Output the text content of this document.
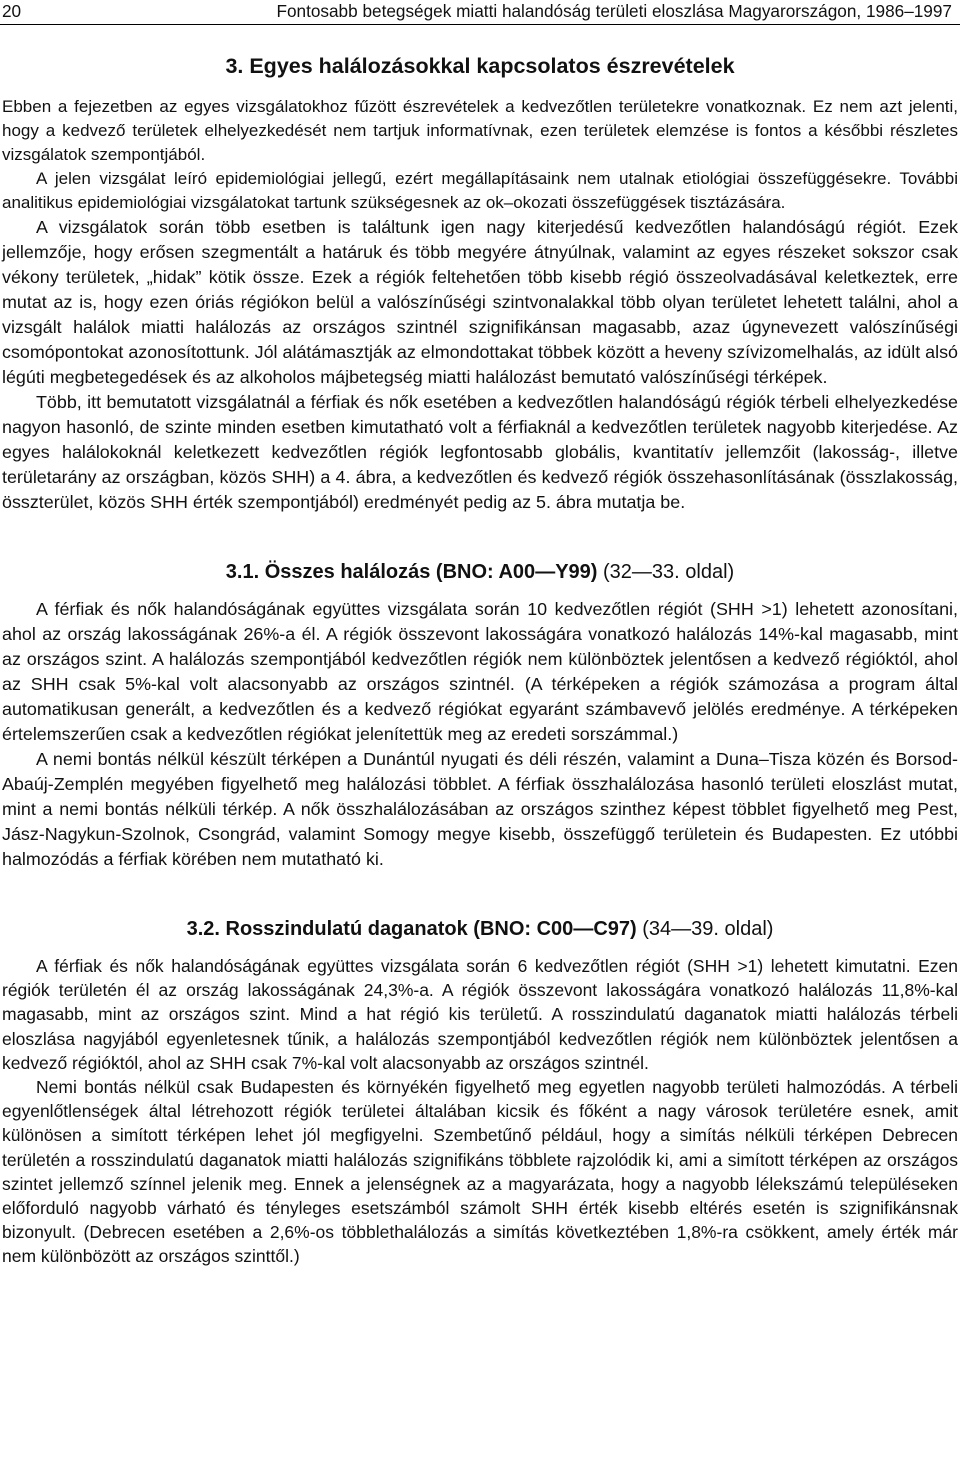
20	Fontosabb betegségek miatti halandóság területi eloszlása Magyarországon, 1986–1997
3. Egyes halálozásokkal kapcsolatos észrevételek

Ebben a fejezetben az egyes vizsgálatokhoz fűzött észrevételek a kedvezőtlen területekre vonatkoznak. Ez nem azt jelenti, hogy a kedvező területek elhelyezkedését nem tartjuk informatívnak, ezen területek elemzése is fontos a későbbi részletes vizsgálatok szempontjából.

A jelen vizsgálat leíró epidemiológiai jellegű, ezért megállapításaink nem utalnak etiológiai összefüggésekre. További analitikus epidemiológiai vizsgálatokat tartunk szükségesnek az ok–okozati összefüggések tisztázására.

A vizsgálatok során több esetben is találtunk igen nagy kiterjedésű kedvezőtlen halandóságú régiót. Ezek jellemzője, hogy erősen szegmentált a határuk és több megyére átnyúlnak, valamint az egyes részeket sokszor csak vékony területek, „hidak” kötik össze. Ezek a régiók feltehetően több kisebb régió összeolvadásával keletkeztek, erre mutat az is, hogy ezen óriás régiókon belül a valószínűségi szintvonalakkal több olyan területet lehetett találni, ahol a vizsgált halálok miatti halálozás az országos szintnél szignifikánsan magasabb, azaz úgynevezett valószínűségi csomópontokat azonosítottunk. Jól alátámasztják az elmondottakat többek között a heveny szívizomelhalás, az idült alsó légúti megbetegedések és az alkoholos májbetegség miatti halálozást bemutató valószínűségi térképek.

Több, itt bemutatott vizsgálatnál a férfiak és nők esetében a kedvezőtlen halandóságú régiók térbeli elhelyezkedése nagyon hasonló, de szinte minden esetben kimutatható volt a férfiaknál a kedvezőtlen területek nagyobb kiterjedése. Az egyes halálokoknál keletkezett kedvezőtlen régiók legfontosabb globális, kvantitatív jellemzőit (lakosság-, illetve területarány az országban, közös SHH) a 4. ábra, a kedvezőtlen és kedvező régiók összehasonlításának (összlakosság, összterület, közös SHH érték szempontjából) eredményét pedig az 5. ábra mutatja be.

3.1. Összes halálozás (BNO: A00—Y99) (32—33. oldal)

A férfiak és nők halandóságának együttes vizsgálata során 10 kedvezőtlen régiót (SHH >1) lehetett azonosítani, ahol az ország lakosságának 26%-a él. A régiók összevont lakosságára vonatkozó halálozás 14%-kal magasabb, mint az országos szint. A halálozás szempontjából kedvezőtlen régiók nem különböztek jelentősen a kedvező régióktól, ahol az SHH csak 5%-kal volt alacsonyabb az országos szintnél. (A térképeken a régiók számozása a program által automatikusan generált, a kedvezőtlen és a kedvező régiókat egyaránt számbavevő jelölés eredménye. A térképeken értelemszerűen csak a kedvezőtlen régiókat jelenítettük meg az eredeti sorszámmal.)

A nemi bontás nélkül készült térképen a Dunántúl nyugati és déli részén, valamint a Duna–Tisza közén és Borsod-Abaúj-Zemplén megyében figyelhető meg halálozási többlet. A férfiak összhalálozása hasonló területi eloszlást mutat, mint a nemi bontás nélküli térkép. A nők összhalálozásában az országos szinthez képest többlet figyelhető meg Pest, Jász-Nagykun-Szolnok, Csongrád, valamint Somogy megye kisebb, összefüggő területein és Budapesten. Ez utóbbi halmozódás a férfiak körében nem mutatható ki.

3.2. Rosszindulatú daganatok (BNO: C00—C97) (34—39. oldal)

A férfiak és nők halandóságának együttes vizsgálata során 6 kedvezőtlen régiót (SHH >1) lehetett kimutatni. Ezen régiók területén él az ország lakosságának 24,3%-a. A régiók összevont lakosságára vonatkozó halálozás 11,8%-kal magasabb, mint az országos szint. Mind a hat régió kis területű. A rosszindulatú daganatok miatti halálozás térbeli eloszlása nagyjából egyenletesnek tűnik, a halálozás szempontjából kedvezőtlen régiók nem különböztek jelentősen a kedvező régióktól, ahol az SHH csak 7%-kal volt alacsonyabb az országos szintnél.

Nemi bontás nélkül csak Budapesten és környékén figyelhető meg egyetlen nagyobb területi halmozódás. A térbeli egyenlőtlenségek által létrehozott régiók területei általában kicsik és főként a nagy városok területére esnek, amit különösen a simított térképen lehet jól megfigyelni. Szembetűnő például, hogy a simítás nélküli térképen Debrecen területén a rosszindulatú daganatok miatti halálozás szignifikáns többlete rajzolódik ki, ami a simított térképen az országos szintet jellemző színnel jelenik meg. Ennek a jelenségnek az a magyarázata, hogy a nagyobb lélekszámú településeken előforduló nagyobb várható és tényleges esetszámból számolt SHH érték kisebb eltérés esetén is szignifikánsnak bizonyult. (Debrecen esetében a 2,6%-os többlethalálozás a simítás következtében 1,8%-ra csökkent, amely érték már nem különbözött az országos szinttől.)
